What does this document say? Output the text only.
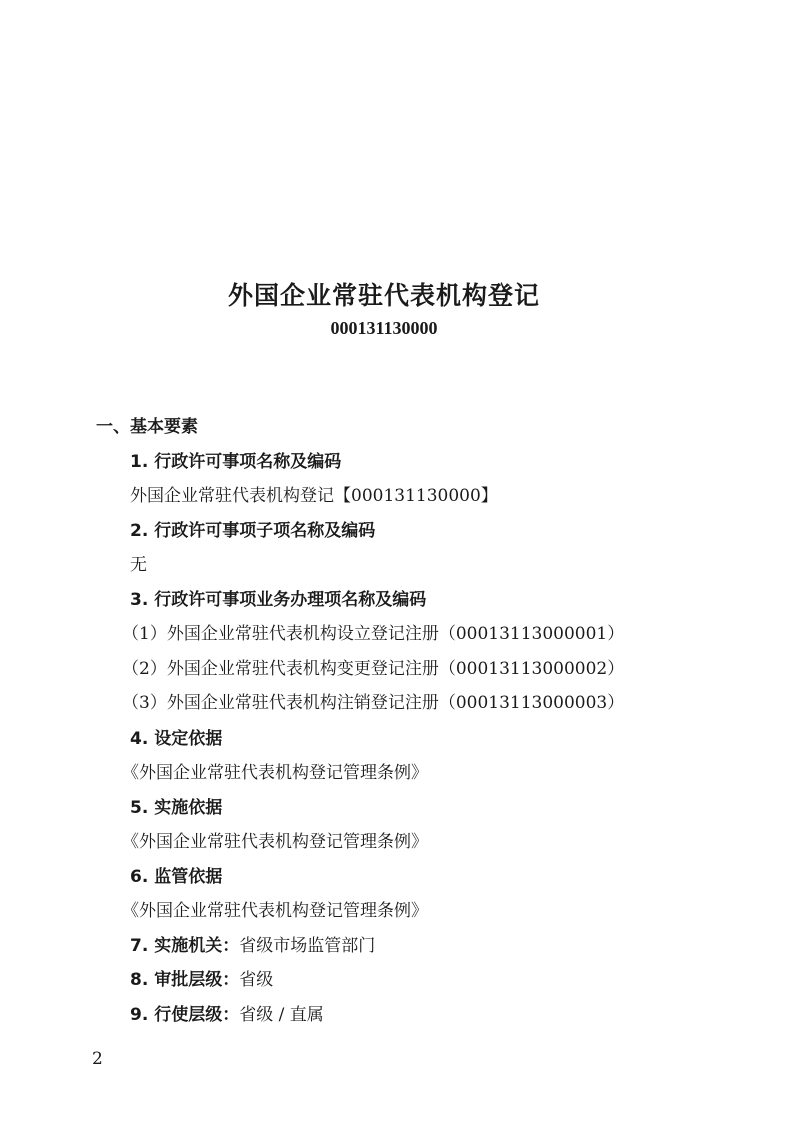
外国企业常驻代表机构登记
000131130000
一、基本要素
1. 行政许可事项名称及编码
外国企业常驻代表机构登记【000131130000】
2. 行政许可事项子项名称及编码
无
3. 行政许可事项业务办理项名称及编码
（1）外国企业常驻代表机构设立登记注册（00013113000001）
（2）外国企业常驻代表机构变更登记注册（00013113000002）
（3）外国企业常驻代表机构注销登记注册（00013113000003）
4. 设定依据
《外国企业常驻代表机构登记管理条例》
5. 实施依据
《外国企业常驻代表机构登记管理条例》
6. 监管依据
《外国企业常驻代表机构登记管理条例》
7. 实施机关：省级市场监管部门
8. 审批层级：省级
9. 行使层级：省级 / 直属
2
